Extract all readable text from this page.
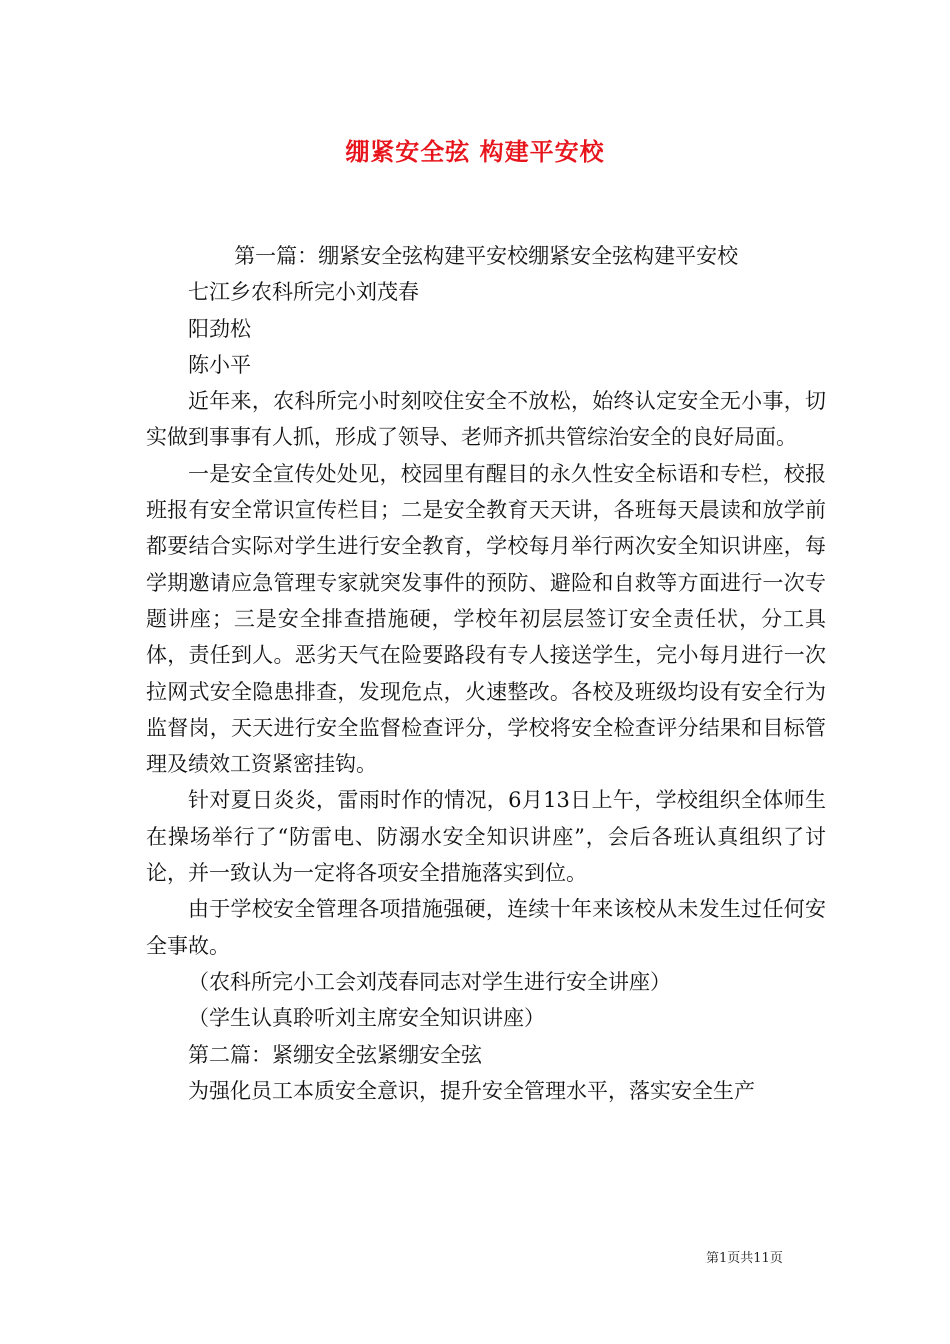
绷紧安全弦 构建平安校

第一篇：绷紧安全弦构建平安校绷紧安全弦构建平安校

七江乡农科所完小刘茂春

阳劲松

陈小平

近年来，农科所完小时刻咬住安全不放松，始终认定安全无小事，切实做到事事有人抓，形成了领导、老师齐抓共管综治安全的良好局面。

一是安全宣传处处见，校园里有醒目的永久性安全标语和专栏，校报班报有安全常识宣传栏目；二是安全教育天天讲，各班每天晨读和放学前都要结合实际对学生进行安全教育，学校每月举行两次安全知识讲座，每学期邀请应急管理专家就突发事件的预防、避险和自救等方面进行一次专题讲座；三是安全排查措施硬，学校年初层层签订安全责任状，分工具体，责任到人。恶劣天气在险要路段有专人接送学生，完小每月进行一次拉网式安全隐患排查，发现危点，火速整改。各校及班级均设有安全行为监督岗，天天进行安全监督检查评分，学校将安全检查评分结果和目标管理及绩效工资紧密挂钩。

针对夏日炎炎，雷雨时作的情况，6月13日上午，学校组织全体师生在操场举行了“防雷电、防溺水安全知识讲座”，会后各班认真组织了讨论，并一致认为一定将各项安全措施落实到位。

由于学校安全管理各项措施强硬，连续十年来该校从未发生过任何安全事故。

（农科所完小工会刘茂春同志对学生进行安全讲座）

（学生认真聆听刘主席安全知识讲座）

第二篇：紧绷安全弦紧绷安全弦

为强化员工本质安全意识，提升安全管理水平，落实安全生产

第1页共11页
